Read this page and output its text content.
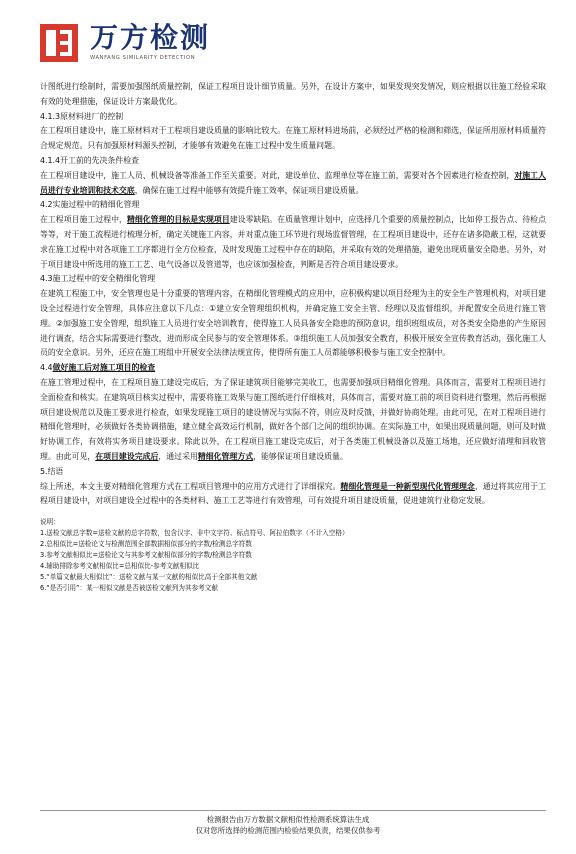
万方检测
WANFANG SIMILARITY DETECTION

计图纸进行绘制时，需要加强图纸质量控制，保证工程项目设计细节质量。另外，在设计方案中，如果发现突发情况，则应根据以往施工经验采取有效的处理措施，保证设计方案最优化。

4.1.3原材料进厂的控制

在工程项目建设中，施工原材料对于工程项目建设质量的影响比较大。在施工原材料进场前，必须经过严格的检测和筛选，保证所用原材料质量符合规定规范。只有加强原材料源头控制，才能够有效避免在施工过程中发生质量问题。

4.1.4开工前的先决条件检查

在工程项目建设中，施工人员、机械设备等准备工作至关重要。对此，建设单位、监理单位等在施工前，需要对各个因素进行检查控制，对施工人员进行专业培训和技术交底，确保在施工过程中能够有效提升施工效率，保证项目建设质量。

4.2实施过程中的精细化管理

在工程项目施工过程中，精细化管理的目标是实现项目建设零缺陷。在质量管理计划中，应选择几个重要的质量控制点，比如停工报告点、待检点等等，对于施工流程进行梳理分析，确定关键施工内容，并对重点施工环节进行现场监督管理，在工程项目建设中，还存在诸多隐蔽工程，这就要求在施工过程中对各项施工工序都进行全方位检查，及时发现施工过程中存在的缺陷，并采取有效的处理措施，避免出现质量安全隐患。另外，对于项目建设中所选用的施工工艺、电气设备以及管道等，也应该加强检查，判断是否符合项目建设要求。

4.3施工过程中的安全精细化管理

在建筑工程施工中，安全管理也是十分重要的管理内容，在精细化管理模式的应用中，应积极构建以项目经理为主的安全生产管理机构，对项目建设全过程进行安全管理，具体应注意以下几点：①建立安全管理组织机构，并确定施工安全主管、经理以及监督组织，并配置安全员进行施工管理。②加强施工安全管理，组织施工人员进行安全培训教育，使得施工人员具备安全隐患的预防意识，组织班组成员，对各类安全隐患的产生原因进行调查，结合实际需要进行整改，进而形成全民参与的安全管理体系。③组织施工人员加强安全教育，积极开展安全宣传教育活动，强化施工人员的安全意识。另外，还应在施工班组中开展安全法律法规宣传，使得所有施工人员都能够积极参与施工安全控制中。

4.4做好施工后对施工项目的检查

在施工管理过程中，在工程项目施工建设完成后，为了保证建筑项目能够完美收工，也需要加强项目精细化管理。具体而言，需要对工程项目进行全面检查和核实。在建筑项目核实过程中，需要将施工效果与施工图纸进行仔细核对，具体而言，需要对施工前的项目资料进行整理，然后再根据项目建设规范以及施工要求进行检查，如果发现施工项目的建设情况与实际不符，则应及时反馈，并做好协商处理。由此可见，在对工程项目进行精细化管理时，必须做好各类协调措施，建立健全高效运行机制，做好各个部门之间的组织协调。在实际施工中，如果出现质量问题，则可及时做好协调工作，有效将实务项目建设要求。除此以外，在工程项目施工建设完成后，对于各类施工机械设备以及施工场地，还应做好清理和回收管理。由此可见，在项目建设完成后，通过采用精细化管理方式，能够保证项目建设质量。

5.结语

综上所述，本文主要对精细化管理方式在工程项目管理中的应用方式进行了详细探究。精细化管理是一种新型现代化管理理念，通过将其应用于工程项目建设中，对项目建设全过程中的各类材料、施工工艺等进行有效管理，可有效提升项目建设质量，促进建筑行业稳定发展。

说明：
1.送检文献总字数=送检文献的总字符数，包含汉字、非中文字符、标点符号、阿拉伯数字（不计入空格）
2.总相似比=送检论文与检测范围全部数据相似部分的字数/检测总字符数
3.参考文献相似比=送检论文与其参考文献相似部分的字数/检测总字符数
4.辅助排除参考文献相似比=总相似比-参考文献相似比
5.“单篇文献最大相似比”：送检文献与某一文献的相似比高于全部其他文献
6.“是否引用”：某一相似文献是否被送检文献列为其参考文献
检测报告由万方数据文献相似性检测系统算法生成
仅对您所选择的检测范围内检验结果负责，结果仅供参考
